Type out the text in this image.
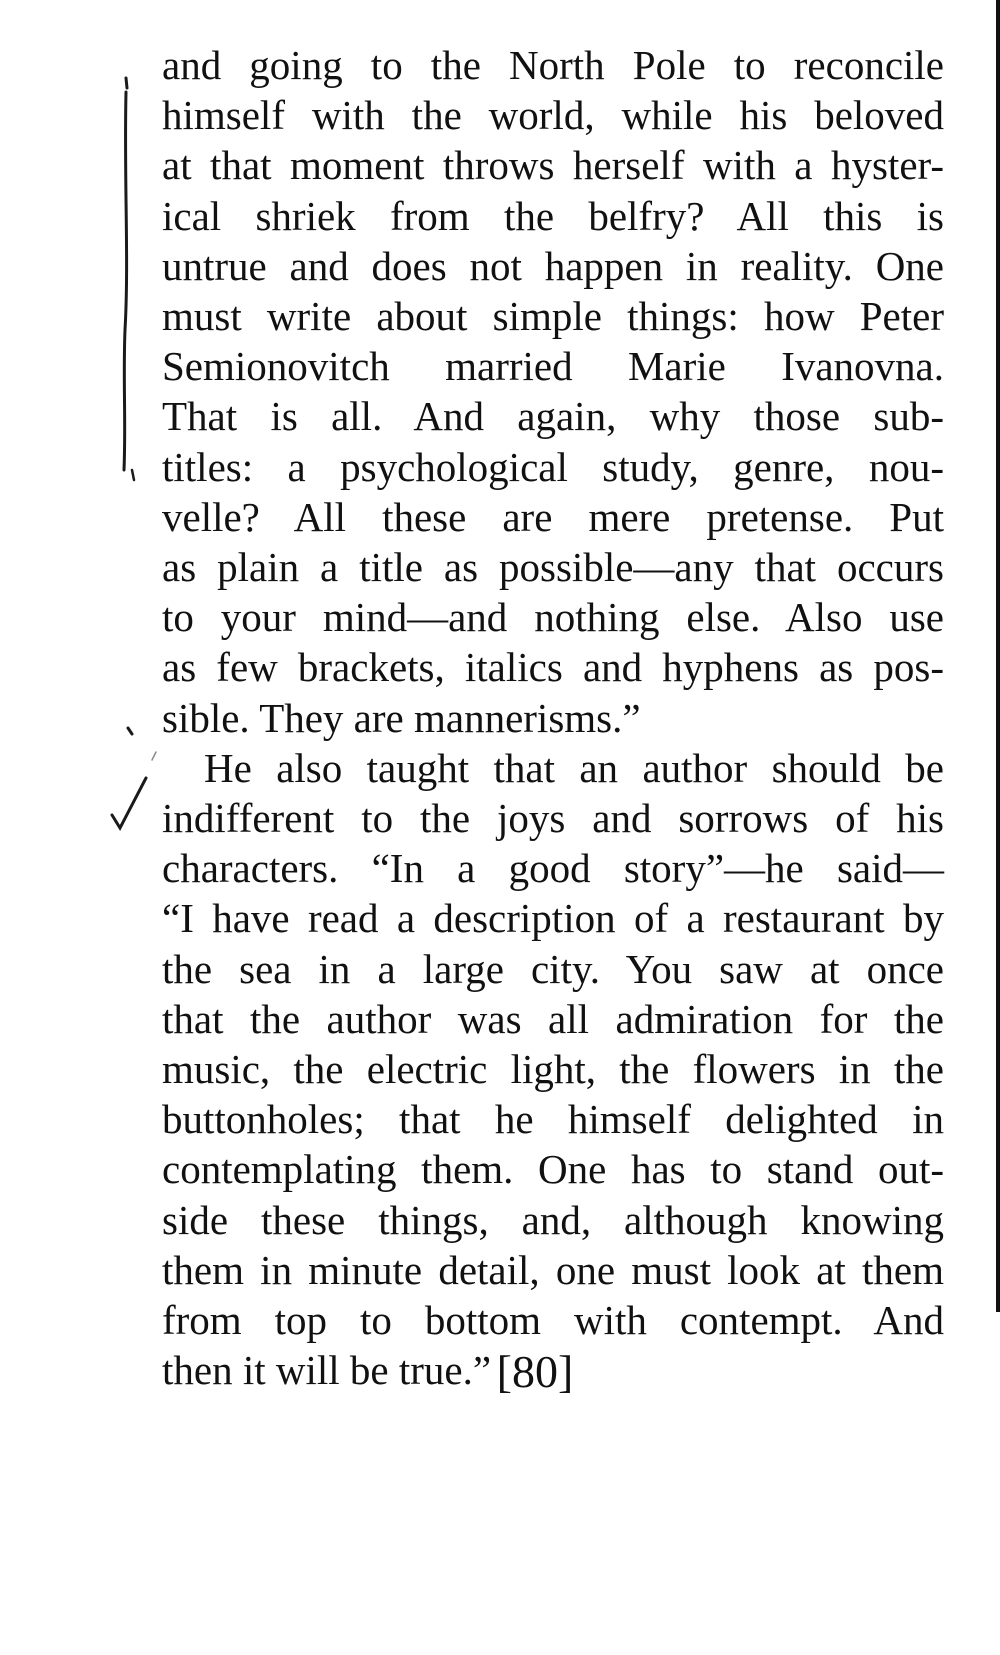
and going to the North Pole to reconcile
himself with the world, while his beloved
at that moment throws herself with a hyster-
ical shriek from the belfry? All this is
untrue and does not happen in reality. One
must write about simple things: how Peter
Semionovitch married Marie Ivanovna.
That is all. And again, why those sub-
titles: a psychological study, genre, nou-
velle? All these are mere pretense. Put
as plain a title as possible—any that occurs
to your mind—and nothing else. Also use
as few brackets, italics and hyphens as pos-
sible. They are mannerisms.”

He also taught that an author should be
indifferent to the joys and sorrows of his
characters. “In a good story”—he said—
“I have read a description of a restaurant by
the sea in a large city. You saw at once
that the author was all admiration for the
music, the electric light, the flowers in the
buttonholes; that he himself delighted in
contemplating them. One has to stand out-
side these things, and, although knowing
them in minute detail, one must look at them
from top to bottom with contempt. And
then it will be true.” [80]
